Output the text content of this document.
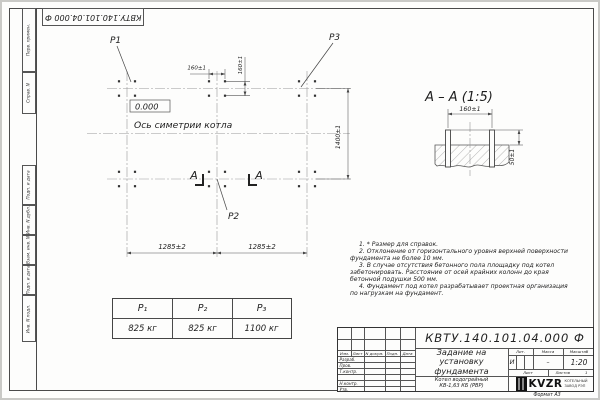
Перв. примен.
Справ. N
Подп. и дата
Инв. N дубл.
Взам. инв. N
Подп. и дата
Инв. N подл.
КВТУ.140.101.04.000 Ф
P1	P3
P2
0.000
Ось симетрии котла
160±1	160±1
А	А
1285±2	1285±2
1400±1
А – А (1:5)
160±1
50±1
1. * Размер для справок.
2. Отклонение от горизонтального уровня верхней поверхности фундамента не более 10 мм.
3. В случае отсутствия бетонного пола площадку под котел забетонировать. Расстояние от осей крайних колонн до края бетонной подушки 500 мм.
4. Фундамент под котел разрабатывает проектная организация по нагрузкам на фундамент.
Р₁	Р₂	Р₃
825 кг	825 кг	1100 кг
Изм. Лист N докум. Подп.	Дата
Разраб.
Пров.
Т.контр.
Н.контр.
Утв.
КВТУ.140.101.04.000 Ф
Задание на установку фундамента
Котел водогрейный
КВ-1,63 КБ (РВР)
Лит.	Масса	Масштаб
И	–	1:20
Лист	Листов	1
KVZR КОТЕЛЬНЫЙ
ЗАВОД РЭП
Формат А3
